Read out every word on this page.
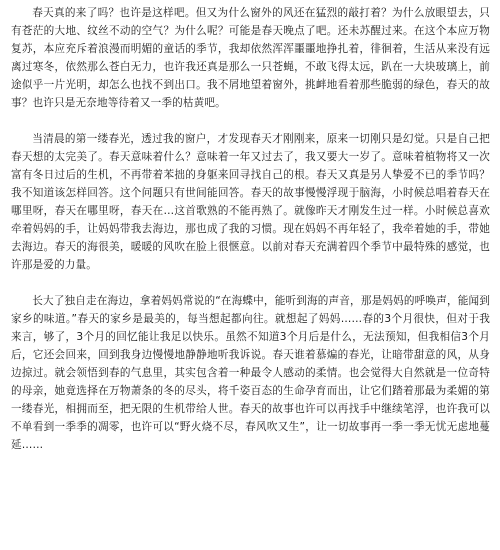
春天真的来了吗？也许是这样吧。但又为什么窗外的风还在猛烈的敲打着？为什么放眼望去，只有苍茫的大地、纹丝不动的空气？为什么呢？可能是春天晚点了吧。还未苏醒过来。在这个本应万物复苏，本应充斥着浪漫而明媚的童话的季节，我却依然浑浑噩噩地挣扎着，徘徊着，生活从来没有远离过寒冬，依然那么苍白无力，也许我还真是那么一只苍蝇，不敢飞得太远，趴在一大块玻璃上，前途似乎一片光明，却怎么也找不到出口。我不屑地望着窗外，挑衅地看着那些脆弱的绿色，春天的故事？也许只是无奈地等待着又一季的枯黄吧。

当清晨的第一缕春光，透过我的窗户，才发现春天才刚刚来，原来一切刚只是幻觉。只是自己把春天想的太完美了。春天意味着什么？意味着一年又过去了，我又要大一岁了。意味着植物将又一次富有冬日过后的生机，不再带着苯拙的身躯来回寻找自己的根。春天又真是另人挚爱不已的季节吗？我不知道该怎样回答。这个问题只有世间能回答。春天的故事慢慢浮现于脑海，小时候总唱着春天在哪里呀，春天在哪里呀，春天在…这首歌熟的不能再熟了。就像昨天才刚发生过一样。小时候总喜欢牵着妈妈的手，让妈妈带我去海边，那也成了我的习惯。现在妈妈不再年轻了，我牵着她的手，带她去海边。春天的海很美，暖暖的风吹在脸上很惬意。以前对春天充满着四个季节中最特殊的感觉，也许那是爱的力量。

长大了独自走在海边，拿着妈妈常说的“在海蝶中，能听到海的声音，那是妈妈的呼唤声，能闻到家乡的味道。”春天的家乡是最美的，每当想起都向往。就想起了妈妈……春的3个月很快，但对于我来言，够了，3个月的回忆能让我足以快乐。虽然不知道3个月后是什么，无法预知，但我相信3个月后，它还会回来，回到我身边慢慢地静静地听我诉说。春天谁着慕煸的春光，让暗带甜意的风，从身边掠过。就会领悟到春的气息里，其实包含着一种最令人感动的柔情。也会觉得大自然就是一位奇特的母亲，她竟选择在万物萧条的冬的尽头，将千姿百态的生命孕育而出，让它们踏着那最为柔媚的第一缕春光，相拥而至，把无限的生机带给人世。春天的故事也许可以再找手中继续笔浮，也许我可以不单看到一季季的凋零，也许可以“野火烧不尽，春风吹又生”，让一切故事再一季一季无忧无虑地蔓延……
